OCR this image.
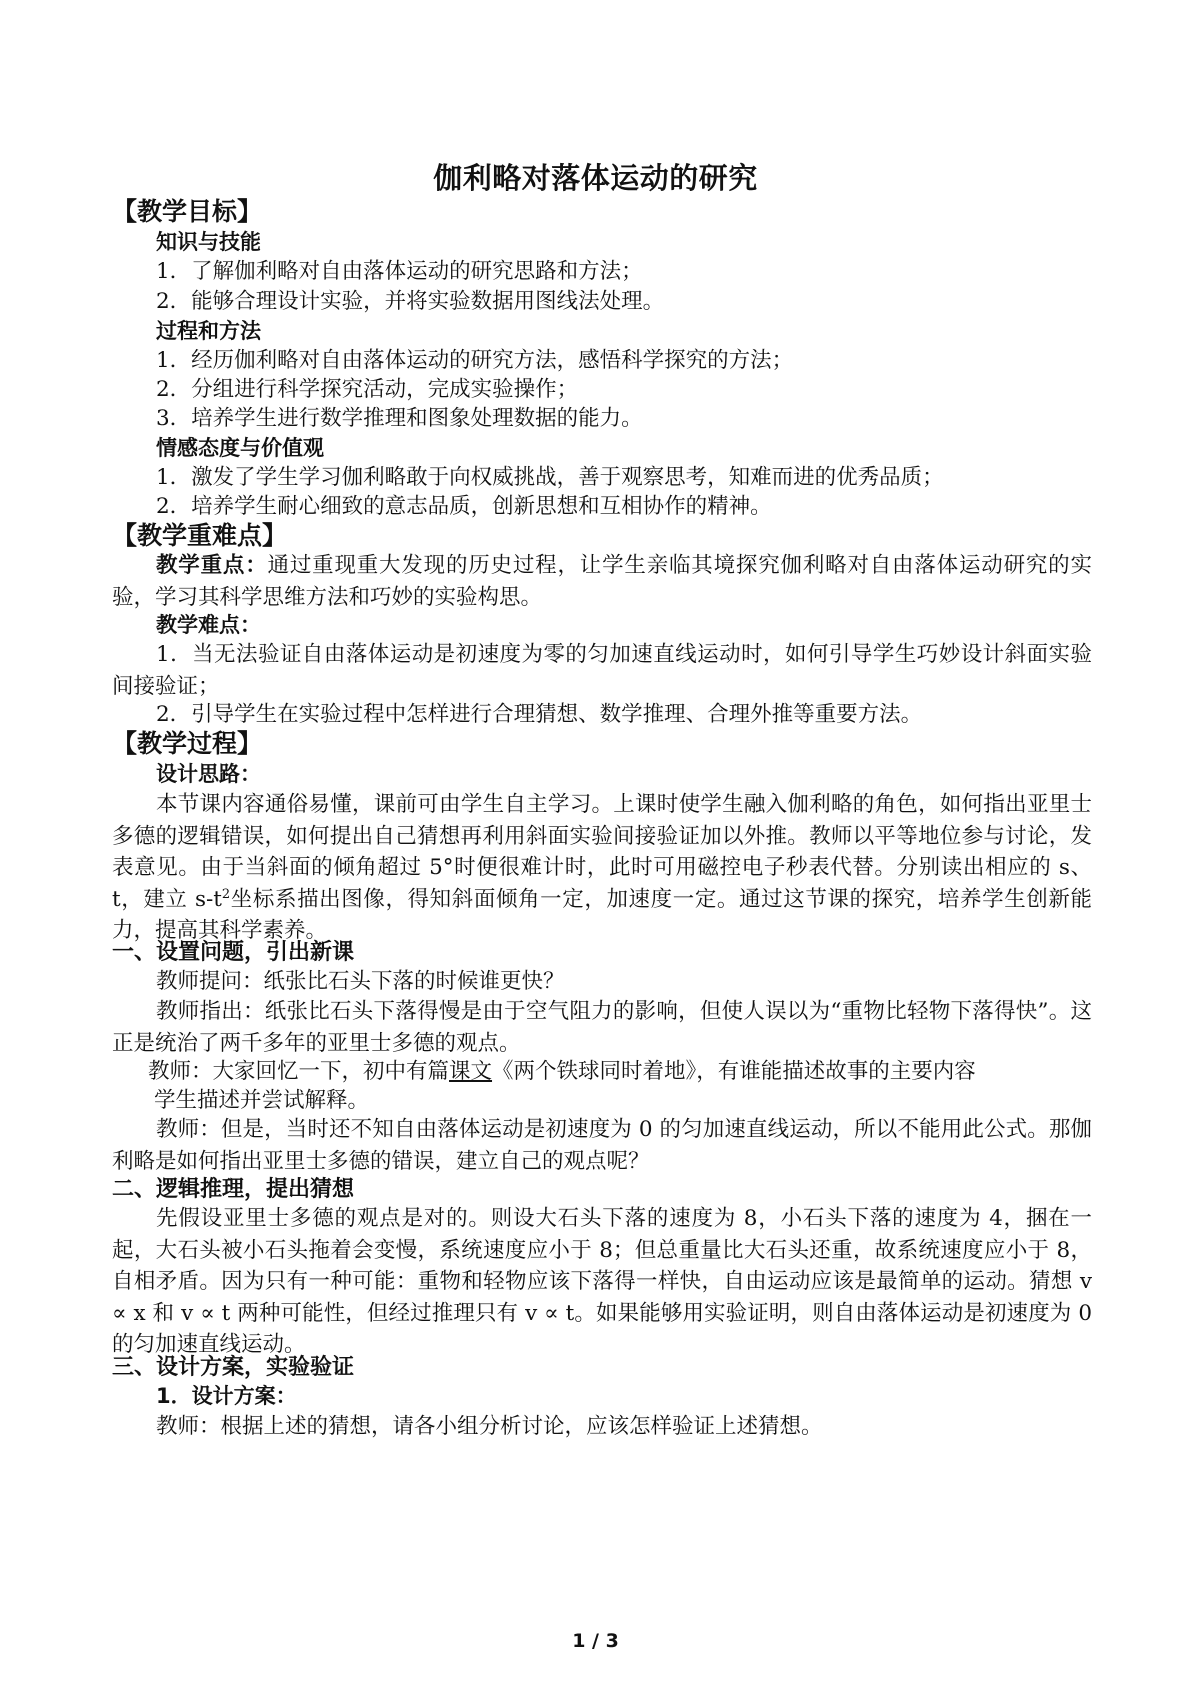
伽利略对落体运动的研究
【教学目标】
知识与技能
1．了解伽利略对自由落体运动的研究思路和方法；
2．能够合理设计实验，并将实验数据用图线法处理。
过程和方法
1．经历伽利略对自由落体运动的研究方法，感悟科学探究的方法；
2．分组进行科学探究活动，完成实验操作；
3．培养学生进行数学推理和图象处理数据的能力。
情感态度与价值观
1．激发了学生学习伽利略敢于向权威挑战，善于观察思考，知难而进的优秀品质；
2．培养学生耐心细致的意志品质，创新思想和互相协作的精神。
【教学重难点】
教学重点：通过重现重大发现的历史过程，让学生亲临其境探究伽利略对自由落体运动研究的实验，学习其科学思维方法和巧妙的实验构思。
教学难点：
1．当无法验证自由落体运动是初速度为零的匀加速直线运动时，如何引导学生巧妙设计斜面实验间接验证；
2．引导学生在实验过程中怎样进行合理猜想、数学推理、合理外推等重要方法。
【教学过程】
设计思路：
本节课内容通俗易懂，课前可由学生自主学习。上课时使学生融入伽利略的角色，如何指出亚里士多德的逻辑错误，如何提出自己猜想再利用斜面实验间接验证加以外推。教师以平等地位参与讨论，发表意见。由于当斜面的倾角超过 5°时便很难计时，此时可用磁控电子秒表代替。分别读出相应的 s、t，建立 $s-t^2$坐标系描出图像，得知斜面倾角一定，加速度一定。通过这节课的探究，培养学生创新能力，提高其科学素养。
一、设置问题，引出新课
教师提问：纸张比石头下落的时候谁更快？
教师指出：纸张比石头下落得慢是由于空气阻力的影响，但使人误以为“重物比轻物下落得快”。这正是统治了两千多年的亚里士多德的观点。
教师：大家回忆一下，初中有篇课文《两个铁球同时着地》，有谁能描述故事的主要内容
学生描述并尝试解释。
教师：但是，当时还不知自由落体运动是初速度为 0 的匀加速直线运动，所以不能用此公式。那伽利略是如何指出亚里士多德的错误，建立自己的观点呢？
二、逻辑推理，提出猜想
先假设亚里士多德的观点是对的。则设大石头下落的速度为 8，小石头下落的速度为 4，捆在一起，大石头被小石头拖着会变慢，系统速度应小于 8；但总重量比大石头还重，故系统速度应小于 8，自相矛盾。因为只有一种可能：重物和轻物应该下落得一样快，自由运动应该是最简单的运动。猜想 v ∝ x 和 v ∝ t 两种可能性，但经过推理只有 v ∝ t。如果能够用实验证明，则自由落体运动是初速度为 0 的匀加速直线运动。
三、设计方案，实验验证
1．设计方案：
教师：根据上述的猜想，请各小组分析讨论，应该怎样验证上述猜想。
1 / 3
